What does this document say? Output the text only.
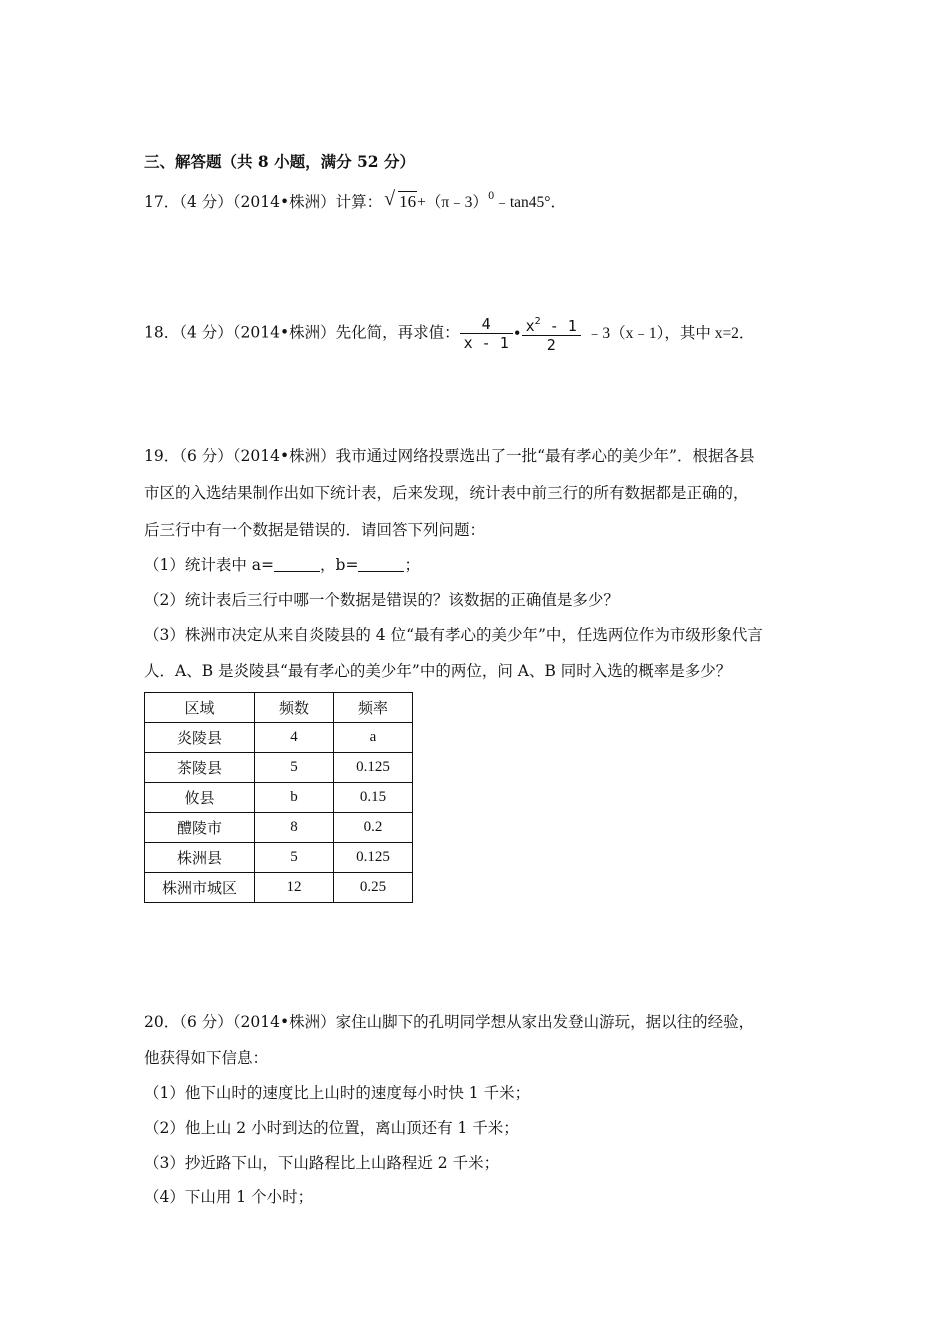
三、解答题（共 8 小题，满分 52 分）
17．（4 分）（2014•株洲）计算： √ 16+（π﹣3）$^0$﹣tan45°．
18．（4 分）（2014•株洲）先化简，再求值： $\frac{4}{x - 1}$ • $\frac{x^2 - 1}{2}$ ﹣3（x﹣1），其中 x=2．
19．（6 分）（2014•株洲）我市通过网络投票选出了一批“最有孝心的美少年”．根据各县
市区的入选结果制作出如下统计表，后来发现，统计表中前三行的所有数据都是正确的，
后三行中有一个数据是错误的．请回答下列问题：
（1）统计表中 a=	，b=	；
（2）统计表后三行中哪一个数据是错误的？该数据的正确值是多少？
（3）株洲市决定从来自炎陵县的 4 位“最有孝心的美少年”中，任选两位作为市级形象代言
人．A、B 是炎陵县“最有孝心的美少年”中的两位，问 A、B 同时入选的概率是多少？
区域	频数	频率
炎陵县	4	a
茶陵县	5	0.125
攸县	b	0.15
醴陵市	8	0.2
株洲县	5	0.125
株洲市城区	12	0.25
20．（6 分）（2014•株洲）家住山脚下的孔明同学想从家出发登山游玩，据以往的经验，
他获得如下信息：
（1）他下山时的速度比上山时的速度每小时快 1 千米；
（2）他上山 2 小时到达的位置，离山顶还有 1 千米；
（3）抄近路下山，下山路程比上山路程近 2 千米；
（4）下山用 1 个小时；
